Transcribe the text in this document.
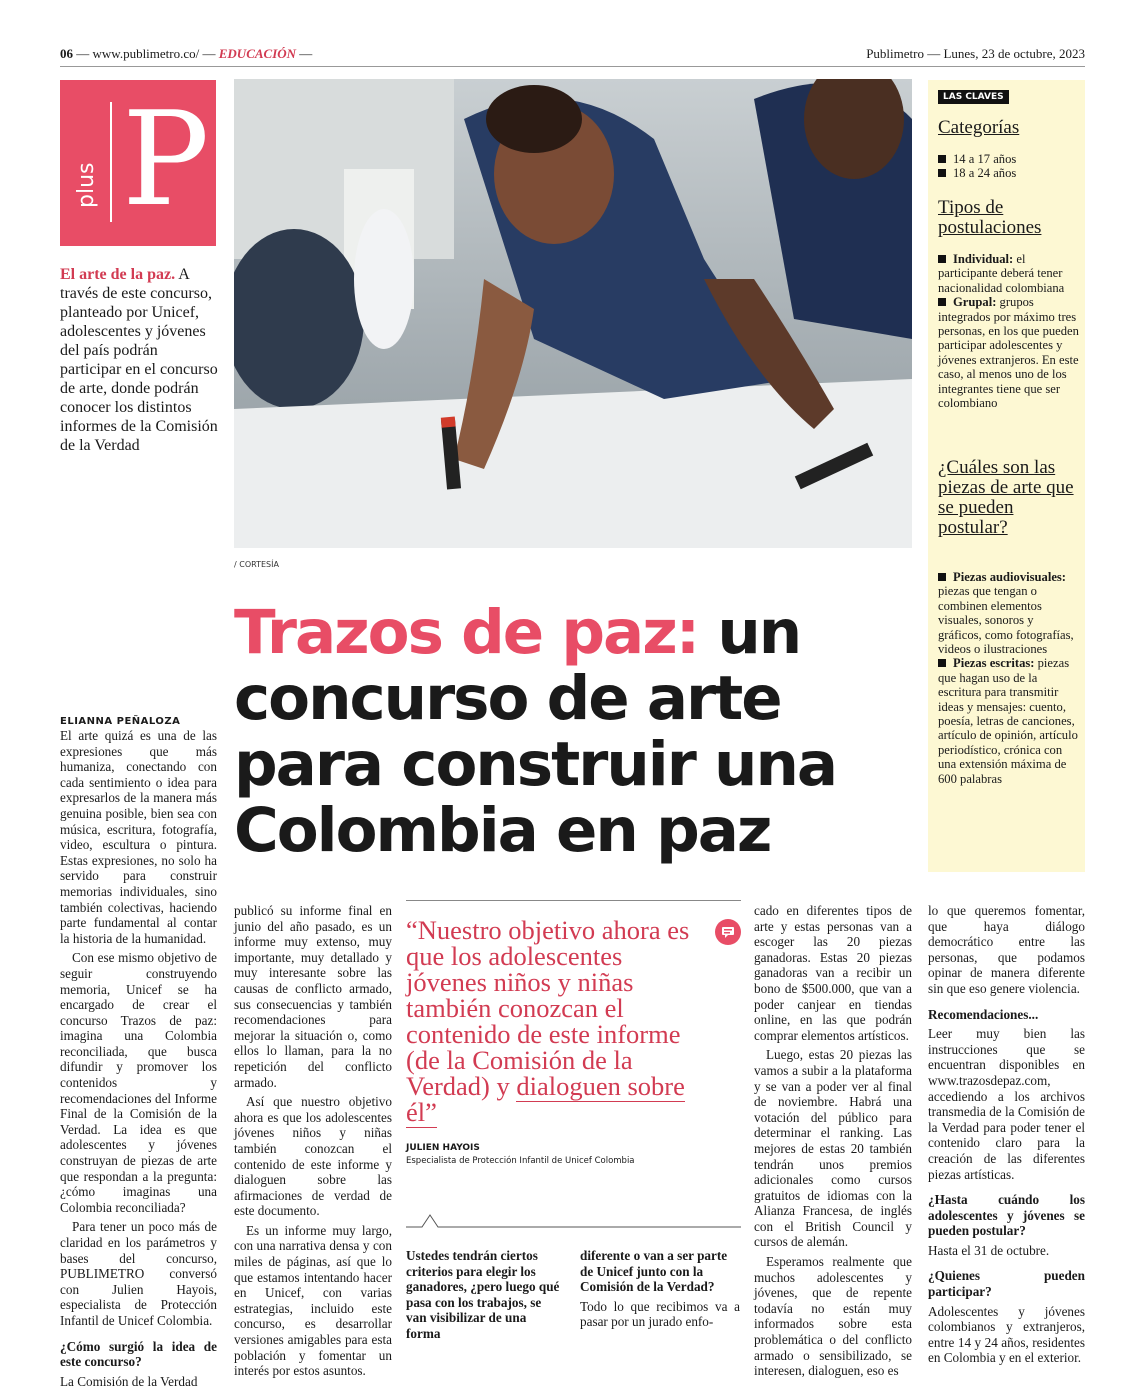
06 — www.publimetro.co/ — EDUCACIÓN —	Publimetro — Lunes, 23 de octubre, 2023
plus P
El arte de la paz. A través de este concurso, planteado por Unicef, adolescentes y jóvenes del país podrán participar en el concurso de arte, donde podrán conocer los distintos informes de la Comisión de la Verdad
/ CORTESÍA
Trazos de paz: un concurso de arte para construir una Colombia en paz
ELIANNA PEÑALOZA

El arte quizá es una de las expresiones que más humaniza, conectando con cada sentimiento o idea para expresarlos de la manera más genuina posible, bien sea con música, escritura, fotografía, video, escultura o pintura. Estas expresiones, no solo ha servido para construir memorias individuales, sino también colectivas, haciendo parte fundamental al contar la historia de la humanidad.

Con ese mismo objetivo de seguir construyendo memoria, Unicef se ha encargado de crear el concurso Trazos de paz: imagina una Colombia reconciliada, que busca difundir y promover los contenidos y recomendaciones del Informe Final de la Comisión de la Verdad. La idea es que adolescentes y jóvenes construyan de piezas de arte que respondan a la pregunta: ¿cómo imaginas una Colombia reconciliada?

Para tener un poco más de claridad en los parámetros y bases del concurso, PUBLIMETRO conversó con Julien Hayois, especialista de Protección Infantil de Unicef Colombia.

¿Cómo surgió la idea de este concurso?

La Comisión de la Verdad

publicó su informe final en junio del año pasado, es un informe muy extenso, muy importante, muy detallado y muy interesante sobre las causas de conflicto armado, sus consecuencias y también recomendaciones para mejorar la situación o, como ellos lo llaman, para la no repetición del conflicto armado.

Así que nuestro objetivo ahora es que los adolescentes jóvenes niños y niñas también conozcan el contenido de este informe y dialoguen sobre las afirmaciones de verdad de este documento.

Es un informe muy largo, con una narrativa densa y con miles de páginas, así que lo que estamos intentando hacer en Unicef, con varias estrategias, incluido este concurso, es desarrollar versiones amigables para esta población y fomentar un interés por estos asuntos.

“Nuestro objetivo ahora es que los adolescentes jóvenes niños y niñas también conozcan el contenido de este informe (de la Comisión de la Verdad) y dialoguen sobre él”
JULIEN HAYOIS
Especialista de Protección Infantil de Unicef Colombia

Ustedes tendrán ciertos criterios para elegir los ganadores, ¿pero luego qué pasa con los trabajos, se van visibilizar de una forma

diferente o van a ser parte de Unicef junto con la Comisión de la Verdad?

Todo lo que recibimos va a pasar por un jurado enfo-

cado en diferentes tipos de arte y estas personas van a escoger las 20 piezas ganadoras. Estas 20 piezas ganadoras van a recibir un bono de $500.000, que van a poder canjear en tiendas online, en las que podrán comprar elementos artísticos.

Luego, estas 20 piezas las vamos a subir a la plataforma y se van a poder ver al final de noviembre. Habrá una votación del público para determinar el ranking. Las mejores de estas 20 también tendrán unos premios adicionales como cursos gratuitos de idiomas con la Alianza Francesa, de inglés con el British Council y cursos de alemán.

Esperamos realmente que muchos adolescentes y jóvenes, que de repente todavía no están muy informados sobre esta problemática o del conflicto armado o sensibilizado, se interesen, dialoguen, eso es

lo que queremos fomentar, que haya diálogo democrático entre las personas, que podamos opinar de manera diferente sin que eso genere violencia.

Recomendaciones...

Leer muy bien las instrucciones que se encuentran disponibles en www.trazosdepaz.com, accediendo a los archivos transmedia de la Comisión de la Verdad para poder tener el contenido claro para la creación de las diferentes piezas artísticas.

¿Hasta cuándo los adolescentes y jóvenes se pueden postular?

Hasta el 31 de octubre.

¿Quienes pueden participar?

Adolescentes y jóvenes colombianos y extranjeros, entre 14 y 24 años, residentes en Colombia y en el exterior.

LAS CLAVES
Categorías
14 a 17 años
18 a 24 años
Tipos de postulaciones
Individual: el participante deberá tener nacionalidad colombiana
Grupal: grupos integrados por máximo tres personas, en los que pueden participar adolescentes y jóvenes extranjeros. En este caso, al menos uno de los integrantes tiene que ser colombiano
¿Cuáles son las piezas de arte que se pueden postular?
Piezas audiovisuales: piezas que tengan o combinen elementos visuales, sonoros y gráficos, como fotografías, videos o ilustraciones
Piezas escritas: piezas que hagan uso de la escritura para transmitir ideas y mensajes: cuento, poesía, letras de canciones, artículo de opinión, artículo periodístico, crónica con una extensión máxima de 600 palabras
